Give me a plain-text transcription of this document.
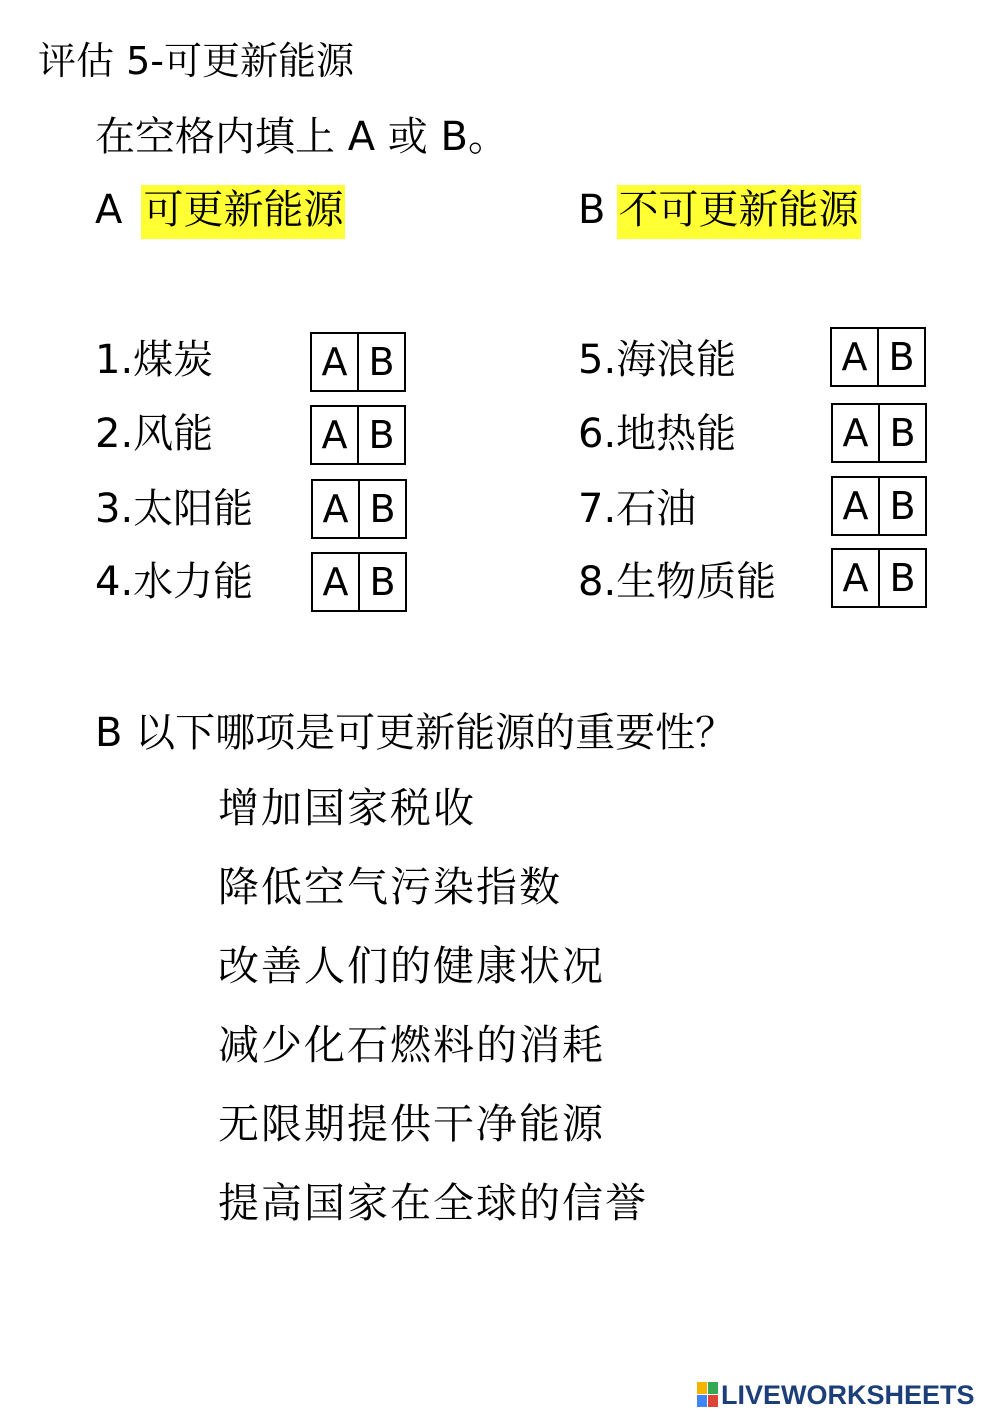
评估 5-可更新能源
在空格内填上 A 或 B。
A 可更新能源	B 不可更新能源
1.煤炭	A B
2.风能	A B
3.太阳能 A B
4.水力能 A B
5.海浪能	A B
6.地热能	A B
7.石油	A B
8.生物质能 A B
B 以下哪项是可更新能源的重要性？
增加国家税收
降低空气污染指数
改善人们的健康状况
减少化石燃料的消耗
无限期提供干净能源
提高国家在全球的信誉
LIVEWORKSHEETS
